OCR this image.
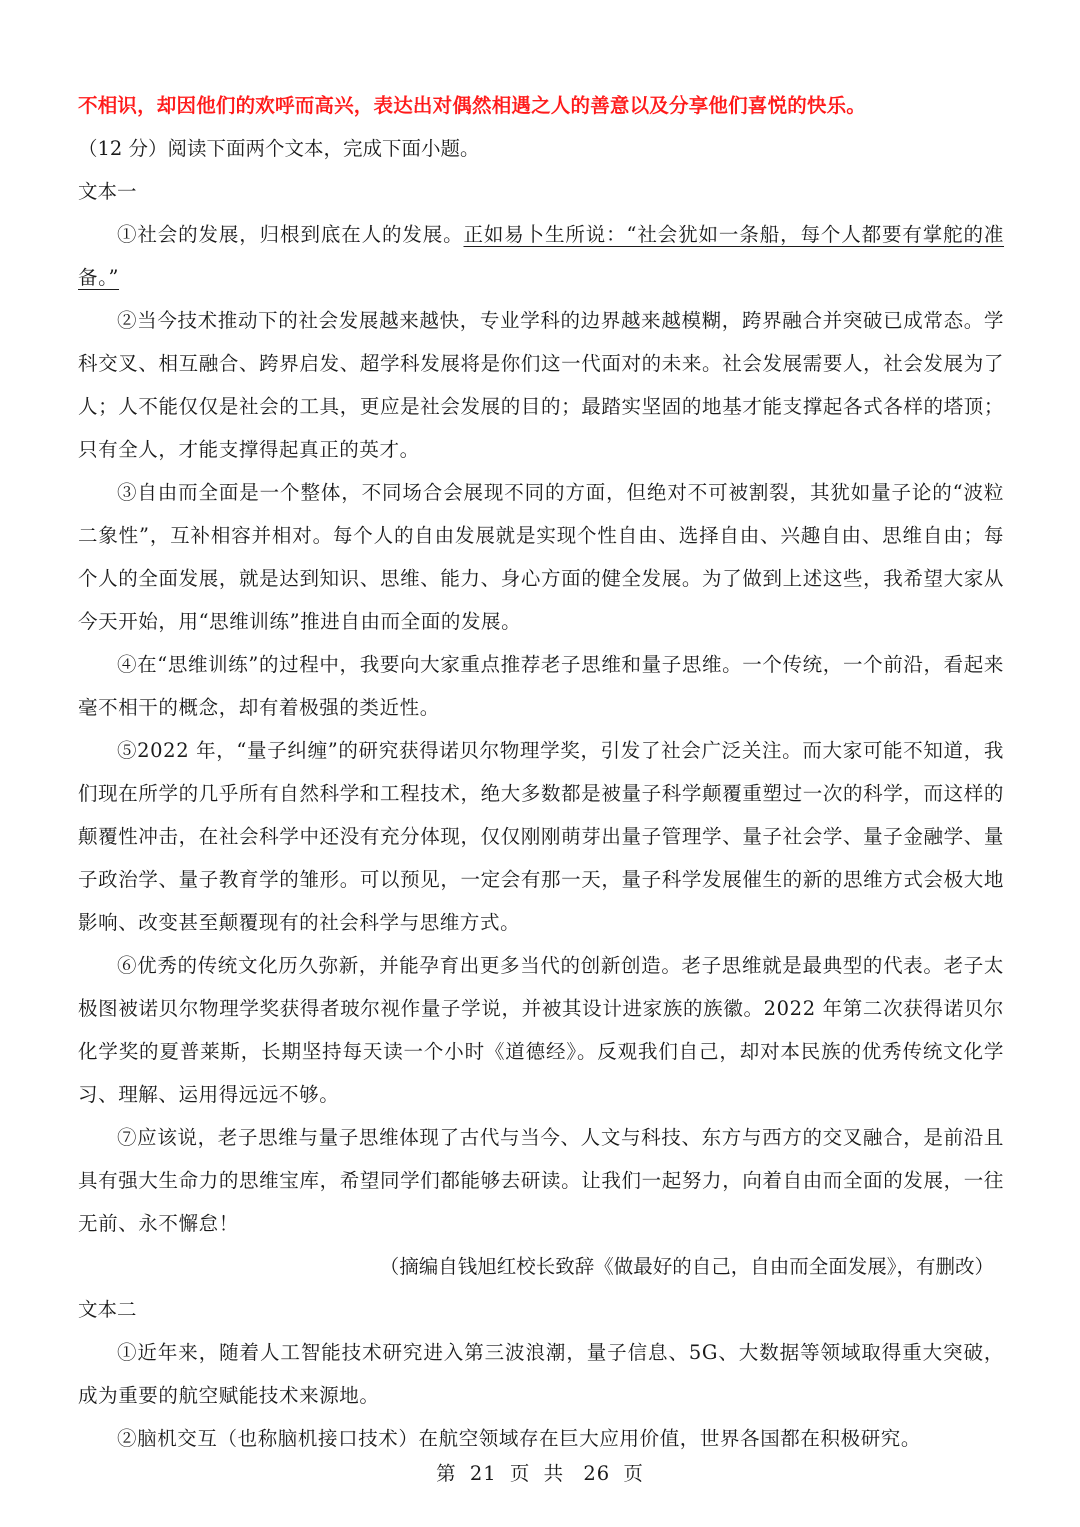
不相识，却因他们的欢呼而高兴，表达出对偶然相遇之人的善意以及分享他们喜悦的快乐。

（12 分）阅读下面两个文本，完成下面小题。

文本一

①社会的发展，归根到底在人的发展。正如易卜生所说：“社会犹如一条船，每个人都要有掌舵的准备。”

②当今技术推动下的社会发展越来越快，专业学科的边界越来越模糊，跨界融合并突破已成常态。学科交叉、相互融合、跨界启发、超学科发展将是你们这一代面对的未来。社会发展需要人，社会发展为了人；人不能仅仅是社会的工具，更应是社会发展的目的；最踏实坚固的地基才能支撑起各式各样的塔顶；只有全人，才能支撑得起真正的英才。

③自由而全面是一个整体，不同场合会展现不同的方面，但绝对不可被割裂，其犹如量子论的“波粒二象性”，互补相容并相对。每个人的自由发展就是实现个性自由、选择自由、兴趣自由、思维自由；每个人的全面发展，就是达到知识、思维、能力、身心方面的健全发展。为了做到上述这些，我希望大家从今天开始，用“思维训练”推进自由而全面的发展。

④在“思维训练”的过程中，我要向大家重点推荐老子思维和量子思维。一个传统，一个前沿，看起来毫不相干的概念，却有着极强的类近性。

⑤2022 年，“量子纠缠”的研究获得诺贝尔物理学奖，引发了社会广泛关注。而大家可能不知道，我们现在所学的几乎所有自然科学和工程技术，绝大多数都是被量子科学颠覆重塑过一次的科学，而这样的颠覆性冲击，在社会科学中还没有充分体现，仅仅刚刚萌芽出量子管理学、量子社会学、量子金融学、量子政治学、量子教育学的雏形。可以预见，一定会有那一天，量子科学发展催生的新的思维方式会极大地影响、改变甚至颠覆现有的社会科学与思维方式。

⑥优秀的传统文化历久弥新，并能孕育出更多当代的创新创造。老子思维就是最典型的代表。老子太极图被诺贝尔物理学奖获得者玻尔视作量子学说，并被其设计进家族的族徽。2022 年第二次获得诺贝尔化学奖的夏普莱斯，长期坚持每天读一个小时《道德经》。反观我们自己，却对本民族的优秀传统文化学习、理解、运用得远远不够。

⑦应该说，老子思维与量子思维体现了古代与当今、人文与科技、东方与西方的交叉融合，是前沿且具有强大生命力的思维宝库，希望同学们都能够去研读。让我们一起努力，向着自由而全面的发展，一往无前、永不懈怠！

（摘编自钱旭红校长致辞《做最好的自己，自由而全面发展》，有删改）

文本二

①近年来，随着人工智能技术研究进入第三波浪潮，量子信息、5G、大数据等领域取得重大突破，成为重要的航空赋能技术来源地。

②脑机交互（也称脑机接口技术）在航空领域存在巨大应用价值，世界各国都在积极研究。

第 21 页 共 26 页
